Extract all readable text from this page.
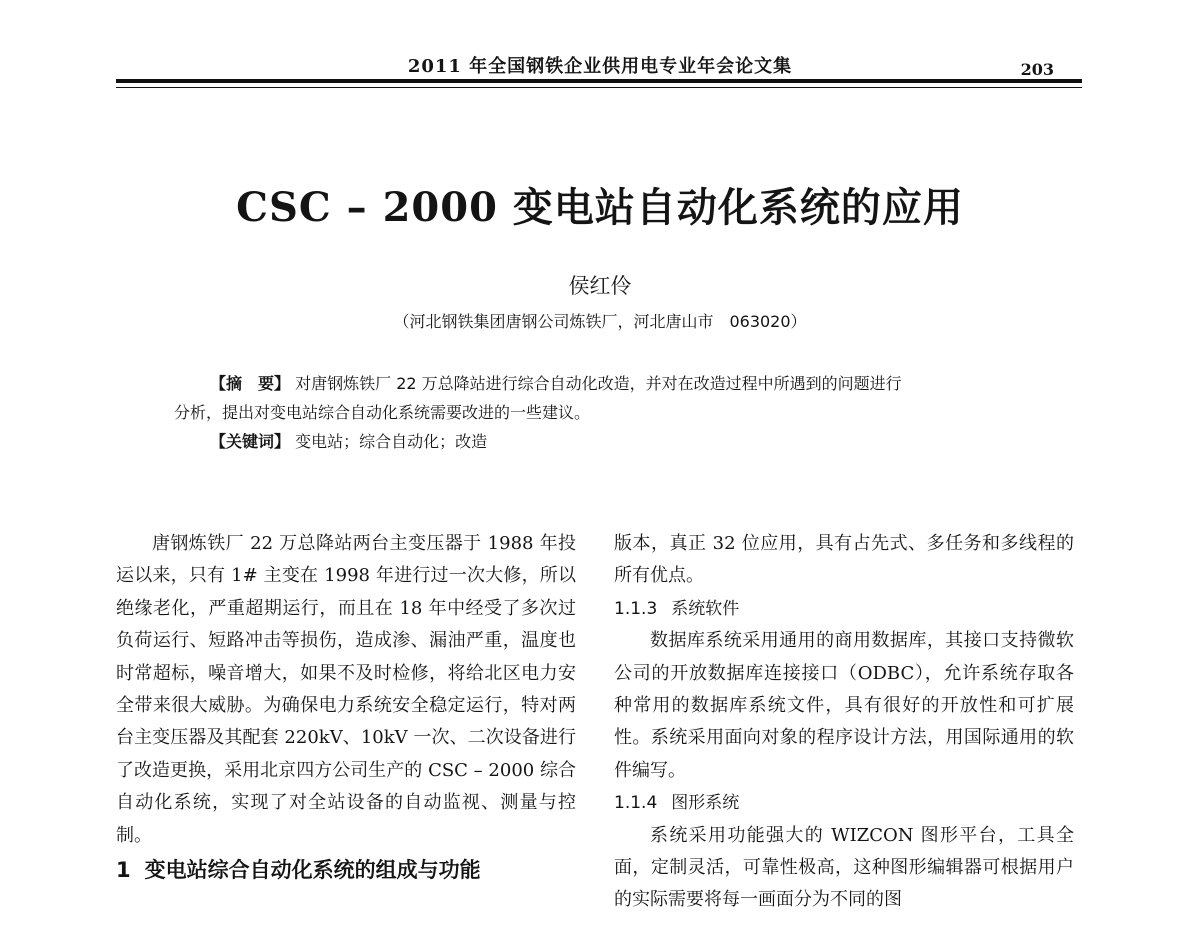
2011 年全国钢铁企业供用电专业年会论文集	203
CSC – 2000 变电站自动化系统的应用
侯红伶
（河北钢铁集团唐钢公司炼铁厂，河北唐山市　063020）
【摘　要】 对唐钢炼铁厂 22 万总降站进行综合自动化改造，并对在改造过程中所遇到的问题进行
分析，提出对变电站综合自动化系统需要改进的一些建议。
【关键词】 变电站；综合自动化；改造

唐钢炼铁厂 22 万总降站两台主变压器于 1988 年投运以来，只有 1# 主变在 1998 年进行过一次大修，所以绝缘老化，严重超期运行，而且在 18 年中经受了多次过负荷运行、短路冲击等损伤，造成渗、漏油严重，温度也时常超标，噪音增大，如果不及时检修，将给北区电力安全带来很大威胁。为确保电力系统安全稳定运行，特对两台主变压器及其配套 220kV、10kV 一次、二次设备进行了改造更换，采用北京四方公司生产的 CSC – 2000 综合自动化系统，实现了对全站设备的自动监视、测量与控制。

1 变电站综合自动化系统的组成与功能

版本，真正 32 位应用，具有占先式、多任务和多线程的所有优点。

1.1.3 系统软件

数据库系统采用通用的商用数据库，其接口支持微软公司的开放数据库连接接口（ODBC），允许系统存取各种常用的数据库系统文件，具有很好的开放性和可扩展性。系统采用面向对象的程序设计方法，用国际通用的软件编写。

1.1.4 图形系统

系统采用功能强大的 WIZCON 图形平台，工具全面，定制灵活，可靠性极高，这种图形编辑器可根据用户的实际需要将每一画面分为不同的图
